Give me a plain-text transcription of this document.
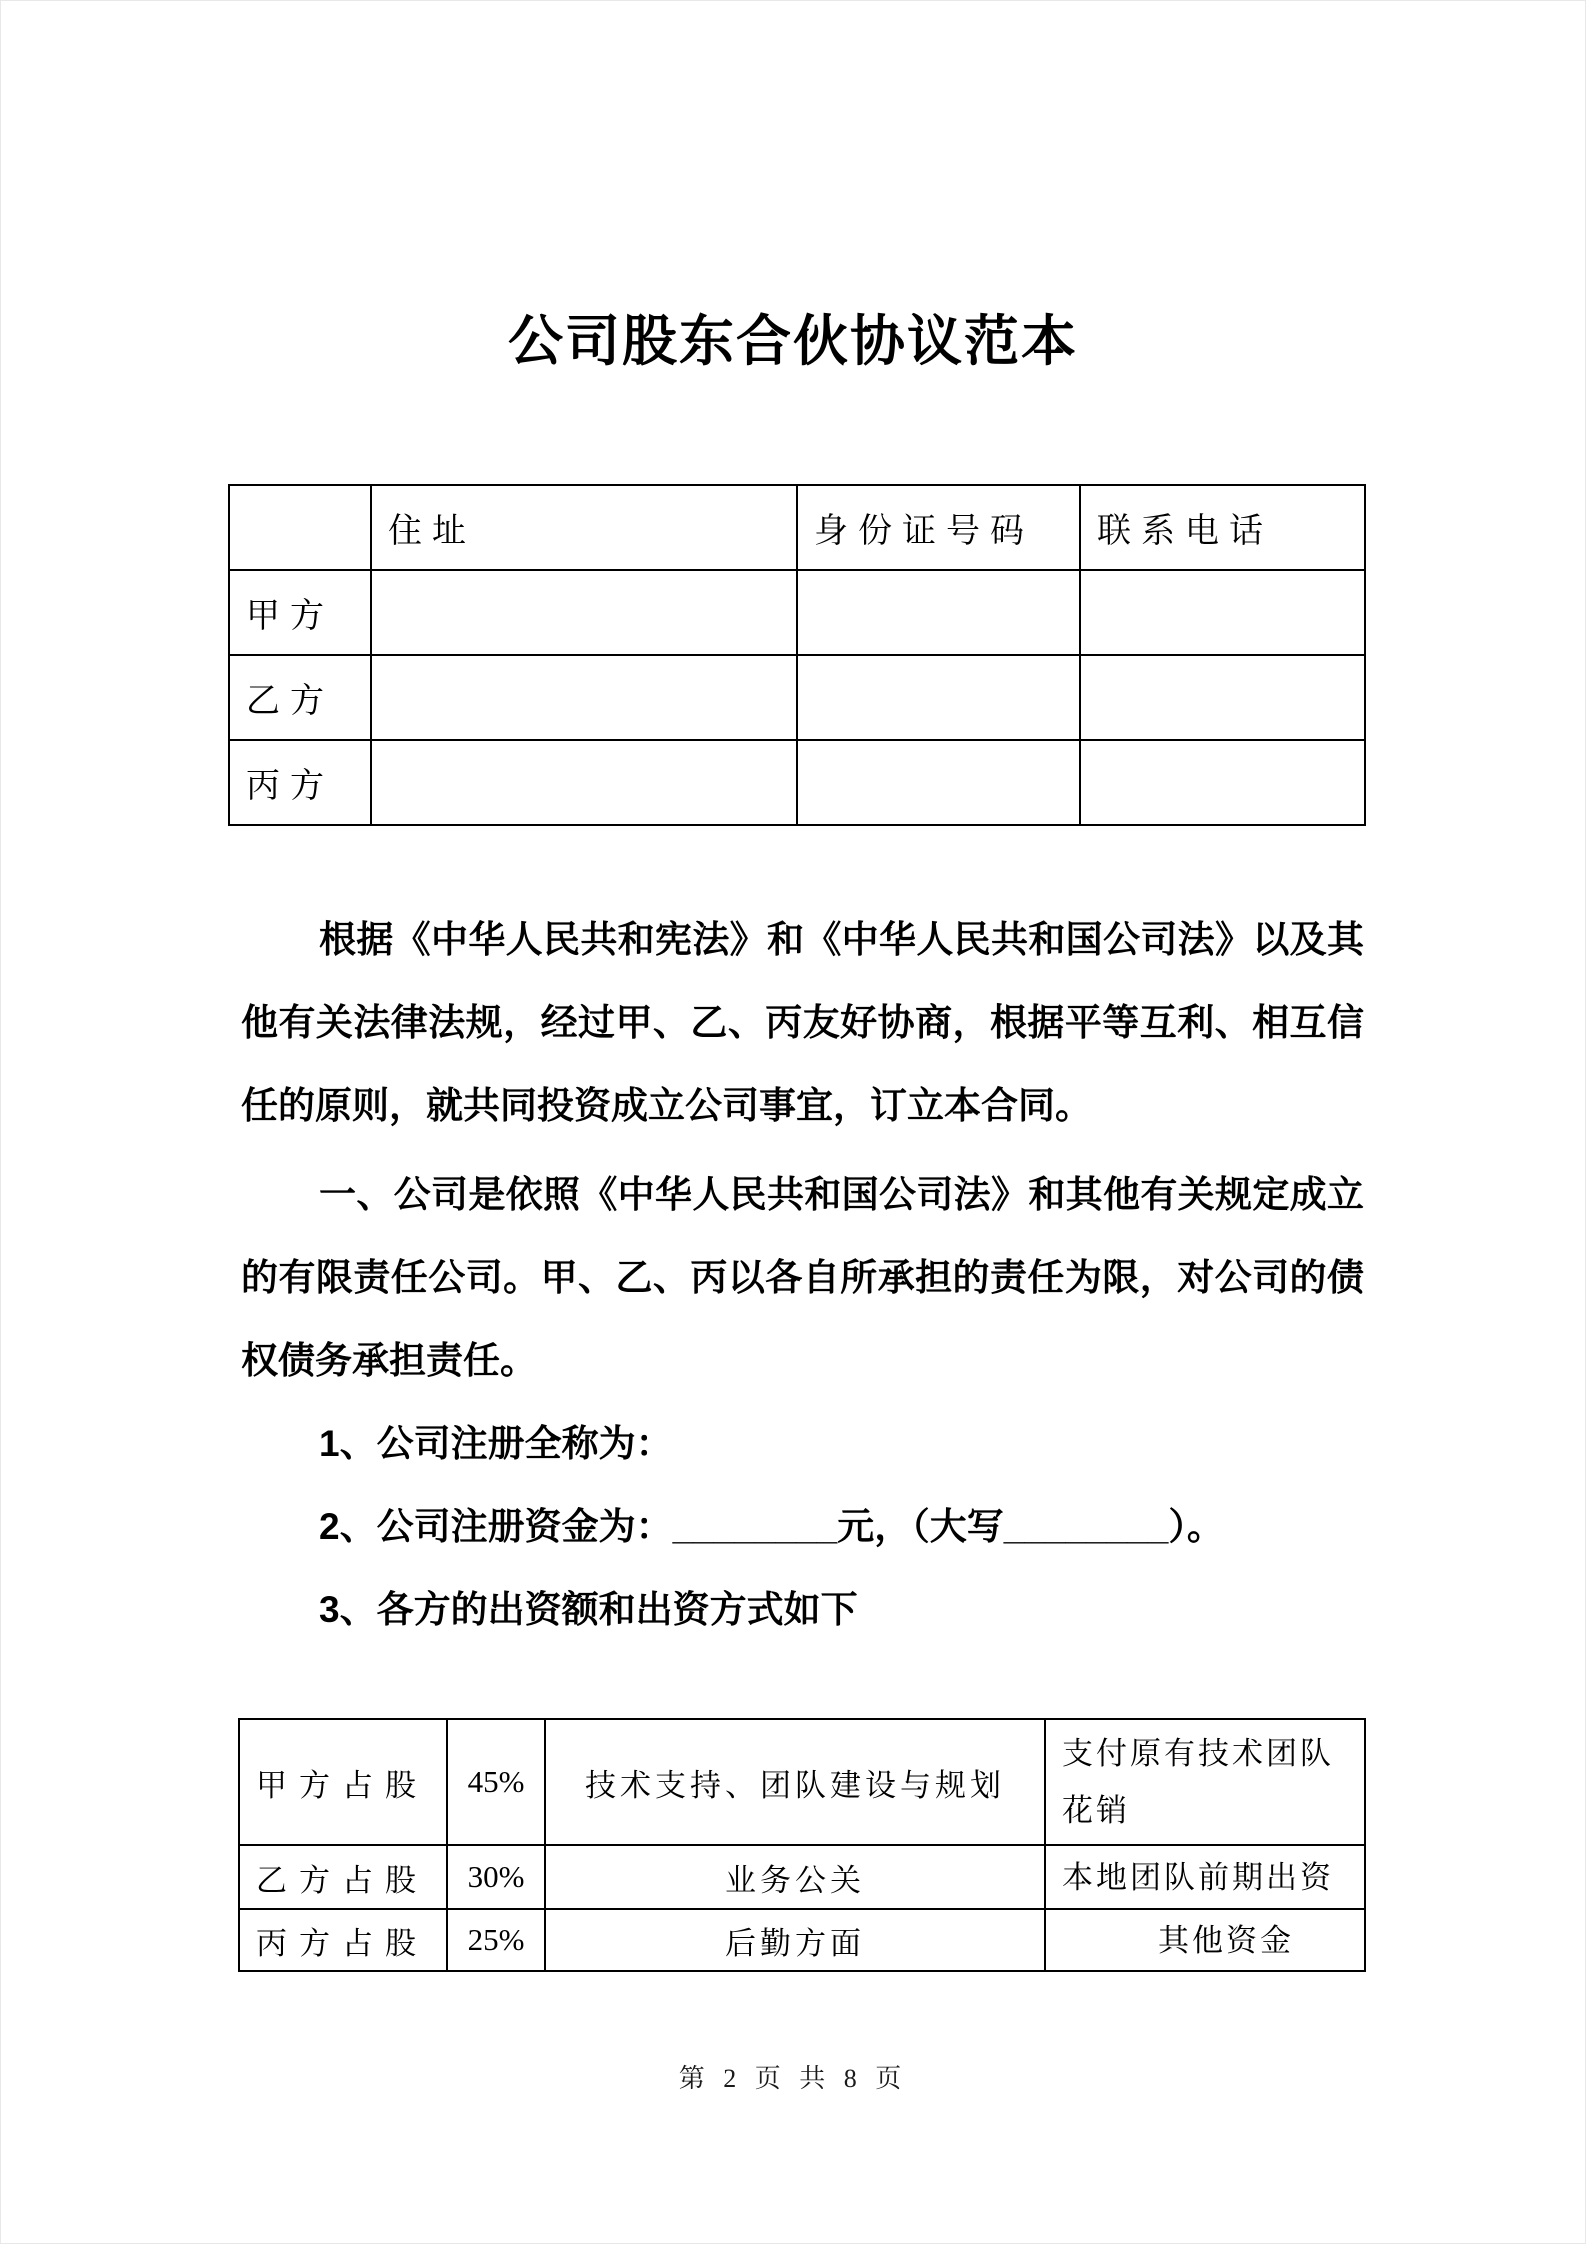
公司股东合伙协议范本
	住址	身份证号码	联系电话
甲方			
乙方			
丙方			

根据《中华人民共和宪法》和《中华人民共和国公司法》以及其他有关法律法规，经过甲、乙、丙友好协商，根据平等互利、相互信任的原则，就共同投资成立公司事宜，订立本合同。

一、公司是依照《中华人民共和国公司法》和其他有关规定成立的有限责任公司。甲、乙、丙以各自所承担的责任为限，对公司的债权债务承担责任。

1、公司注册全称为：

2、公司注册资金为：________元，（大写________）。

3、各方的出资额和出资方式如下

甲方占股	45%	技术支持、团队建设与规划	支付原有技术团队花销
乙方占股	30%	业务公关	本地团队前期出资
丙方占股	25%	后勤方面	其他资金
第 2 页 共 8 页
